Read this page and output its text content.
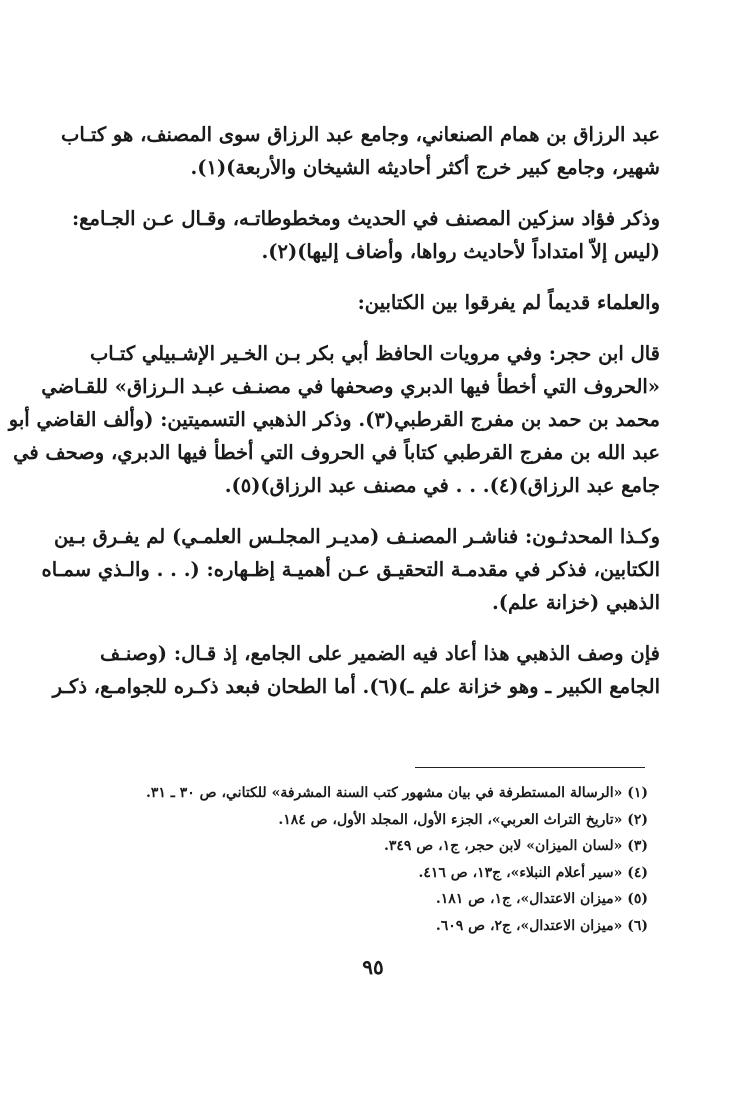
عبد الرزاق بن همام الصنعاني، وجامع عبد الرزاق سوى المصنف، هو كتـاب
شهير، وجامع كبير خرج أكثر أحاديثه الشيخان والأربعة)(١).

وذكر فؤاد سزكين المصنف في الحديث ومخطوطاتـه، وقـال عـن الجـامع:
(ليس إلاّ امتداداً لأحاديث رواها، وأضاف إليها)(٢).

والعلماء قديماً لم يفرقوا بين الكتابين:

قال ابن حجر: وفي مرويات الحافظ أبي بكر بـن الخـير الإشـبيلي كتـاب
«الحروف التي أخطأ فيها الدبري وصحفها في مصنـف عبـد الـرزاق» للقـاضي
محمد بن حمد بن مفرج القرطبي(٣). وذكر الذهبي التسميتين: (وألف القاضي أبو
عبد الله بن مفرج القرطبي كتاباً في الحروف التي أخطأ فيها الدبري، وصحف في
جامع عبد الرزاق)(٤). . . في مصنف عبد الرزاق)(٥).

وكـذا المحدثـون: فناشـر المصنـف (مديـر المجلـس العلمـي) لم يفـرق بـين
الكتابين، فذكر في مقدمـة التحقيـق عـن أهميـة إظـهاره: (. . . والـذي سمـاه
الذهبي (خزانة علم).

فإن وصف الذهبي هذا أعاد فيه الضمير على الجامع، إذ قـال: (وصنـف
الجامع الكبير ـ وهو خزانة علم ـ)(٦). أما الطحان فبعد ذكـره للجوامـع، ذكـر

(١) «الرسالة المستطرفة في بيان مشهور كتب السنة المشرفة» للكتاني، ص ٣٠ ـ ٣١.
(٢) «تاريخ التراث العربي»، الجزء الأول، المجلد الأول، ص ١٨٤.
(٣) «لسان الميزان» لابن حجر، ج١، ص ٣٤٩.
(٤) «سير أعلام النبلاء»، ج١٣، ص ٤١٦.
(٥) «ميزان الاعتدال»، ج١، ص ١٨١.
(٦) «ميزان الاعتدال»، ج٢، ص ٦٠٩.
٩٥
